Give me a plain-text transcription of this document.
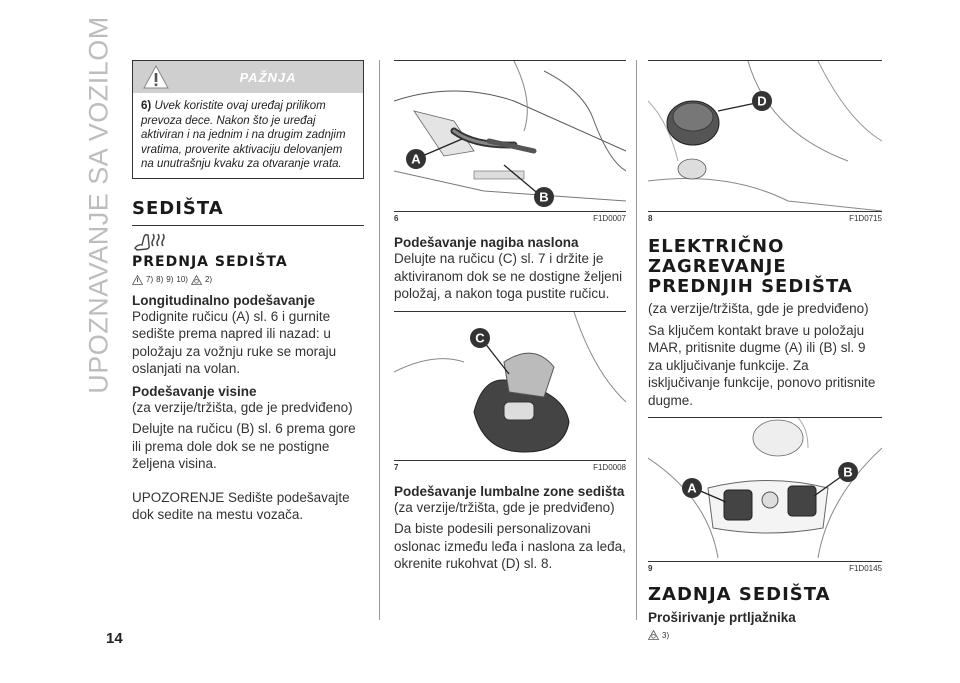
UPOZNAVANJE SA VOZILOM
14
PAŽNJA
6) Uvek koristite ovaj uređaj prilikom prevoza dece. Nakon što je uređaj aktiviran i na jednim i na drugim zadnjim vratima, proverite aktivaciju delovanjem na unutrašnju kvaku za otvaranje vrata.
SEDIŠTA
PREDNJA SEDIŠTA
7) 8) 9) 10) 2)
Longitudinalno podešavanje

Podignite ručicu (A) sl. 6 i gurnite sedište prema napred ili nazad: u položaju za vožnju ruke se moraju oslanjati na volan.

Podešavanje visine

(za verzije/tržišta, gde je predviđeno)

Delujte na ručicu (B) sl. 6 prema gore ili prema dole dok se ne postigne željena visina.

UPOZORENJE Sedište podešavajte dok sedite na mestu vozača.

A
B
6	F1D0007
Podešavanje nagiba naslona

Delujte na ručicu (C) sl. 7 i držite je aktiviranom dok se ne dostigne željeni položaj, a nakon toga pustite ručicu.

C
7	F1D0008
Podešavanje lumbalne zone sedišta

(za verzije/tržišta, gde je predviđeno)

Da biste podesili personalizovani oslonac između leđa i naslona za leđa, okrenite rukohvat (D) sl. 8.

D
8	F1D0715
ELEKTRIČNO ZAGREVANJE PREDNJIH SEDIŠTA

(za verzije/tržišta, gde je predviđeno)

Sa ključem kontakt brave u položaju MAR, pritisnite dugme (A) ili (B) sl. 9 za uključivanje funkcije. Za isključivanje funkcije, ponovo pritisnite dugme.

A
B
9	F1D0145
ZADNJA SEDIŠTA
Proširivanje prtljažnika
3)
